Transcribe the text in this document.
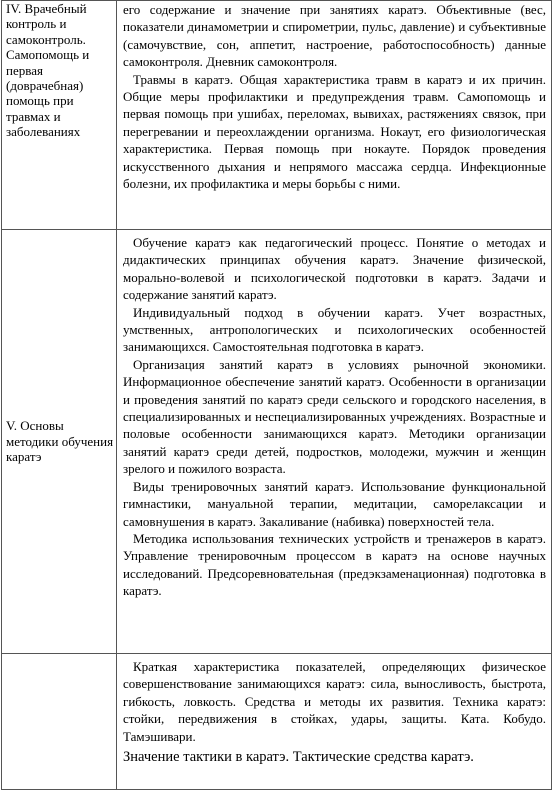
IV. Врачебный контроль и самоконтроль. Самопомощь и первая (доврачебная) помощь при травмах и заболеваниях	его содержание и значение при занятиях каратэ. Объективные (вес, показатели динамометрии и спирометрии, пульс, давление) и субъективные (самочувствие, сон, аппетит, настроение, работоспособность) данные самоконтроля. Дневник самоконтроля.

Травмы в каратэ. Общая характеристика травм в каратэ и их причин. Общие меры профилактики и предупреждения травм. Самопомощь и первая помощь при ушибах, переломах, вывихах, растяжениях связок, при перегревании и переохлаждении организма. Нокаут, его физиологическая характеристика. Первая помощь при нокауте. Порядок проведения искусственного дыхания и непрямого массажа сердца. Инфекционные болезни, их профилактика и меры борьбы с ними.

V. Основы методики обучения каратэ	Обучение каратэ как педагогический процесс. Понятие о методах и дидактических принципах обучения каратэ. Значение физической, морально-волевой и психологической подготовки в каратэ. Задачи и содержание занятий каратэ.

Индивидуальный подход в обучении каратэ. Учет возрастных, умственных, антропологических и психологических особенностей занимающихся. Самостоятельная подготовка в каратэ.

Организация занятий каратэ в условиях рыночной экономики. Информационное обеспечение занятий каратэ. Особенности в организации и проведения занятий по каратэ среди сельского и городского населения, в специализированных и неспециализированных учреждениях. Возрастные и половые особенности занимающихся каратэ. Методики организации занятий каратэ среди детей, подростков, молодежи, мужчин и женщин зрелого и пожилого возраста.

Виды тренировочных занятий каратэ. Использование функциональной гимнастики, мануальной терапии, медитации, саморелаксации и самовнушения в каратэ. Закаливание (набивка) поверхностей тела.

Методика использования технических устройств и тренажеров в каратэ. Управление тренировочным процессом в каратэ на основе научных исследований. Предсоревновательная (предэкзаменационная) подготовка в каратэ.

	Краткая характеристика показателей, определяющих физическое совершенствование занимающихся каратэ: сила, выносливость, быстрота, гибкость, ловкость. Средства и методы их развития. Техника каратэ: стойки, передвижения в стойках, удары, защиты. Ката. Кобудо. Тамэшивари.

Значение тактики в каратэ. Тактические средства каратэ.
